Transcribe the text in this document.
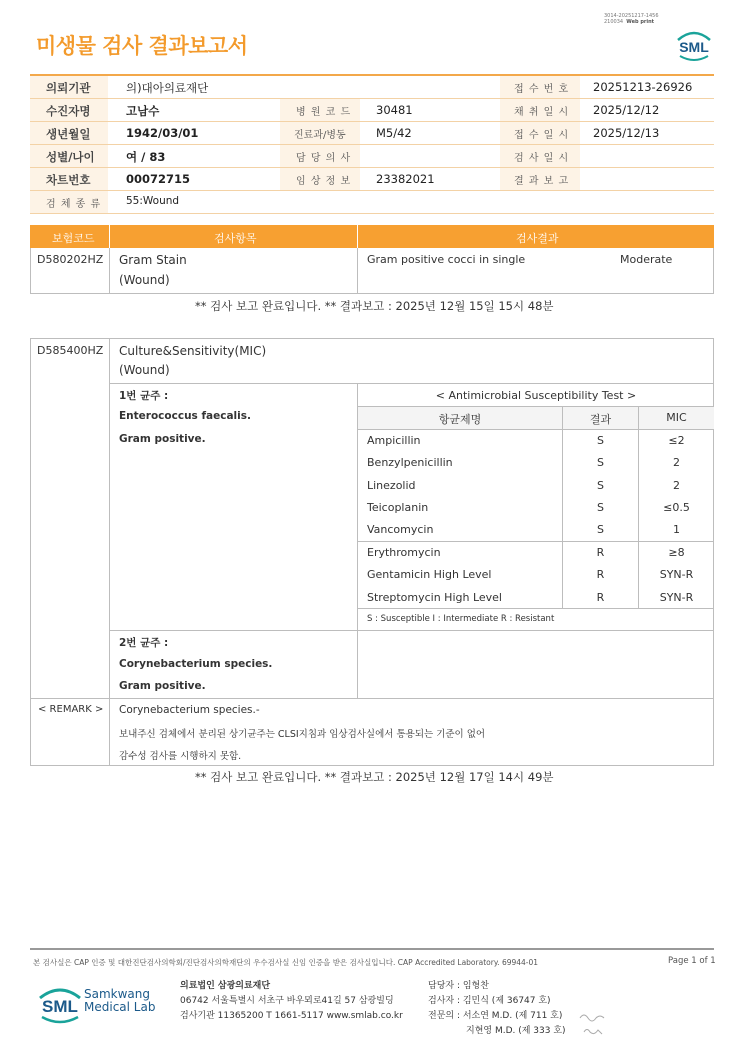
미생물 검사 결과보고서
3014-20251217-1456
210034 Web print
SML
의뢰기관	의)대아의료재단	접 수 번 호 20251213-26926
수진자명	고남수	병 원 코 드 30481	채 취 일 시 2025/12/12
생년월일	1942/03/01	진료과/병동	M5/42	접 수 일 시 2025/12/13
성별/나이	여 / 83	담 당 의 사	검 사 일 시
차트번호	00072715	임 상 정 보 23382021	결 과 보 고
검 체 종 류 55:Wound
보험코드	검사항목	검사결과
D580202HZ Gram Stain
(Wound)
Gram positive cocci in single	Moderate
** 검사 보고 완료입니다. ** 결과보고 : 2025년 12월 15일 15시 48분
D585400HZ Culture&Sensitivity(MIC)
(Wound)
1번 균주 :
Enterococcus faecalis.
Gram positive.
< Antimicrobial Susceptibility Test >
항균제명	결과	MIC
Ampicillin	S	≤2
Benzylpenicillin	S	2
Linezolid	S	2
Teicoplanin	S	≤0.5
Vancomycin	S	1
Erythromycin	R	≥8
Gentamicin High Level	R	SYN-R
Streptomycin High Level	R	SYN-R
S : Susceptible I : Intermediate R : Resistant
2번 균주 :
Corynebacterium species.
Gram positive.
< REMARK > Corynebacterium species.-
보내주신 검체에서 분리된 상기균주는 CLSI지침과 임상검사실에서 통용되는 기준이 없어
감수성 검사를 시행하지 못함.
** 검사 보고 완료입니다. ** 결과보고 : 2025년 12월 17일 14시 49분
본 검사실은 CAP 인증 및 대한진단검사의학회/진단검사의학재단의 우수검사실 신임 인증을 받은 검사실입니다. CAP Accredited Laboratory. 69944-01	Page 1 of 1
SML
Samkwang
Medical Lab
의료법인 삼광의료재단
06742 서울특별시 서초구 바우뫼로41길 57 삼광빌딩
검사기관 11365200 T 1661-5117 www.smlab.co.kr
담당자 : 임형찬
검사자 : 김민식 (제 36747 호)
전문의 : 서소연 M.D. (제 711 호)
지현영 M.D. (제 333 호)
